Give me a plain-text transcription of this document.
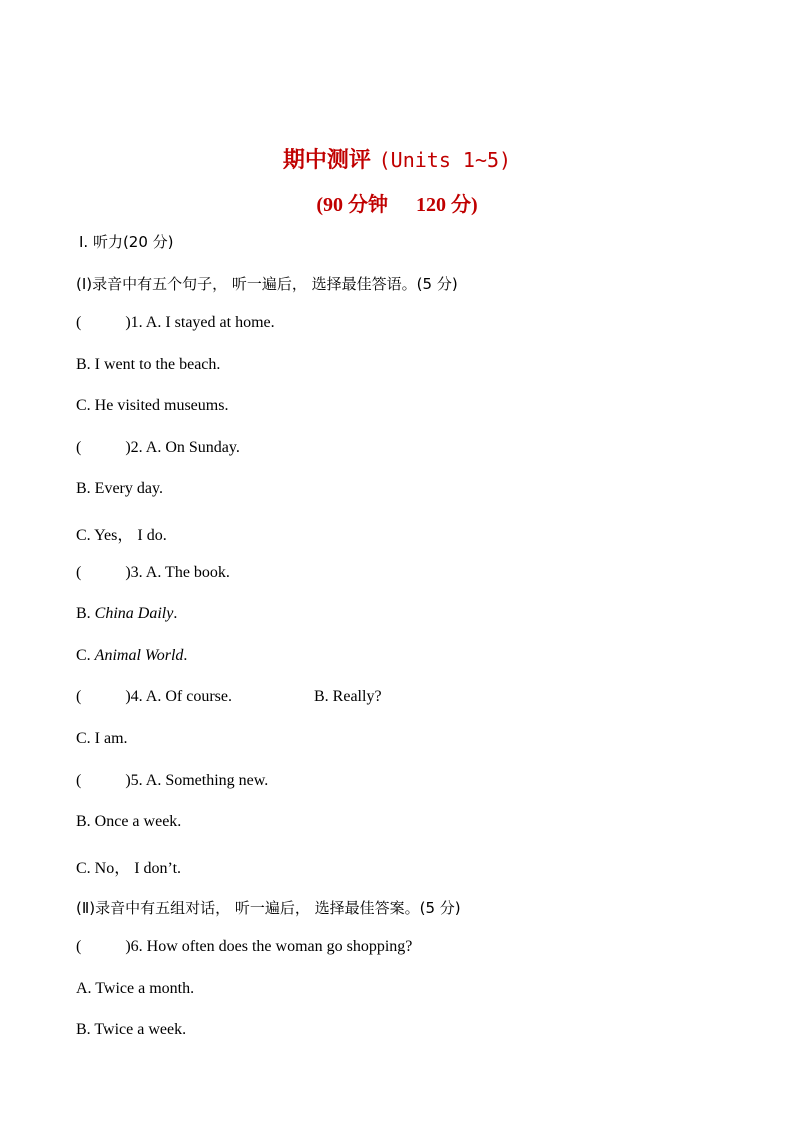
期中测评 (Units 1~5)
(90 分钟 120 分)
Ⅰ. 听力(20 分)
(Ⅰ)录音中有五个句子， 听一遍后， 选择最佳答语。(5 分)
(	)1. A. I stayed at home.
B. I went to the beach.
C. He visited museums.
(	)2. A. On Sunday.
B. Every day.
C. Yes， I do.
(	)3. A. The book.
B. China Daily.
C. Animal World.
(	)4. A. Of course.	B. Really?
C. I am.
(	)5. A. Something new.
B. Once a week.
C. No， I don’t.
(Ⅱ)录音中有五组对话， 听一遍后， 选择最佳答案。(5 分)
(	)6. How often does the woman go shopping?
A. Twice a month.
B. Twice a week.
